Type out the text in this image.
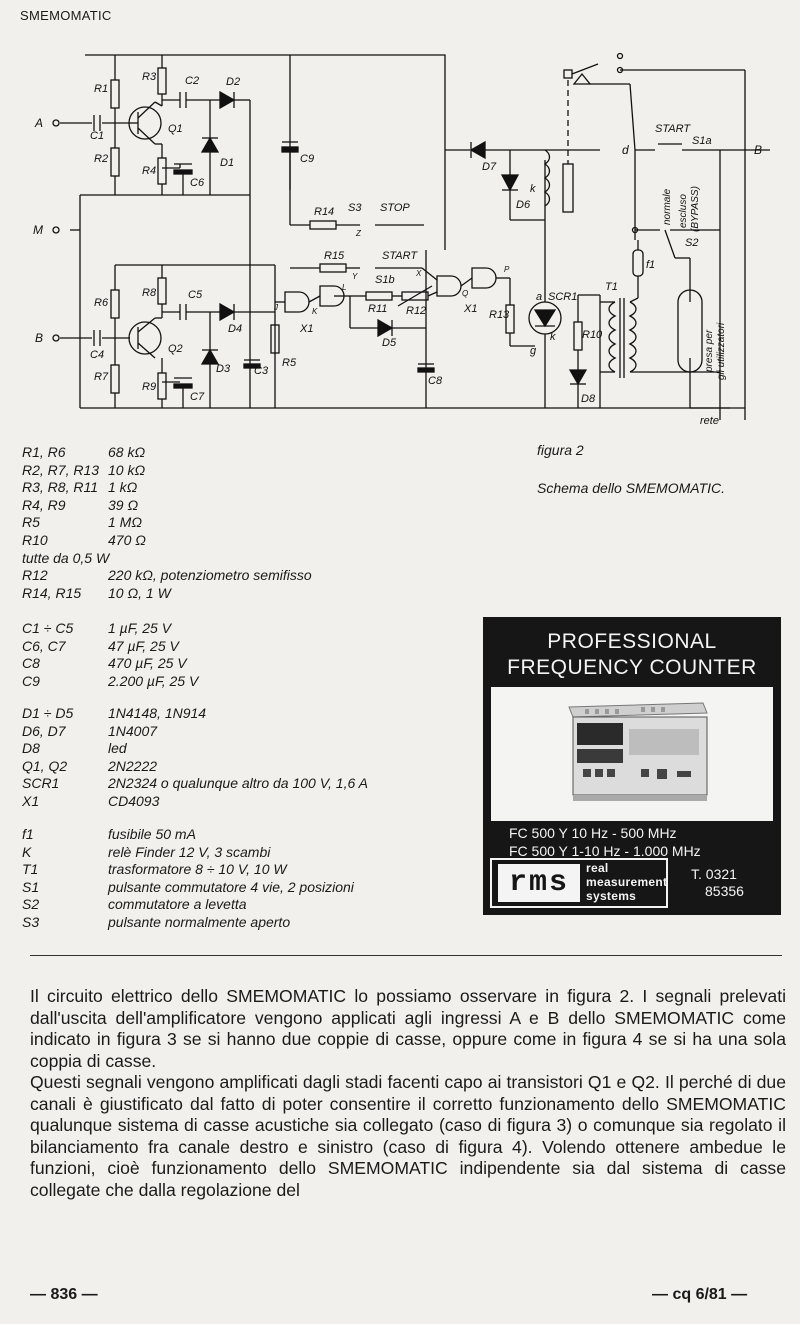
SMEMOMATIC
A
M
B
R1
R2
R3
R4
C1
Q1
C2 D2
D1
C6
C9
R14 S3 STOP
R15	START
S1b
R6
R7
R8
R9
C4	Q2
C5
D4
D3
C7
C3
R5
X1
R11 R12
D5
C8
X1 R13
D7
D6
k
a SCR1
g
k R10
D8
T1
f1
d
START
S1a
B
S2
rete
normale escluso (BYPASS)
presa per gli utilizzatori
J	K
L
Y
Z
X
Q
P
figura 2
Schema dello SMEMOMATIC.
R1, R6	68 kΩ
R2, R7, R13 10 kΩ
R3, R8, R11 1 kΩ
R4, R9	39 Ω
R5	1 MΩ
R10	470 Ω
tutte da 0,5 W
R12	220 kΩ, potenziometro semifisso
R14, R15 10 Ω, 1 W
C1 ÷ C5 1 µF, 25 V
C6, C7	47 µF, 25 V
C8	470 µF, 25 V
C9	2.200 µF, 25 V
D1 ÷ D5 1N4148, 1N914
D6, D7	1N4007
D8	led
Q1, Q2	2N2222
SCR1	2N2324 o qualunque altro da 100 V, 1,6 A
X1	CD4093
f1	fusibile 50 mA
K	relè Finder 12 V, 3 scambi
T1	trasformatore 8 ÷ 10 V, 10 W
S1	pulsante commutatore 4 vie, 2 posizioni
S2	commutatore a levetta
S3	pulsante normalmente aperto
PROFESSIONAL
FREQUENCY COUNTER
FC 500 Y 10 Hz - 500 MHz
FC 500 Y 1-10 Hz - 1.000 MHz
rms	real
measurement
systems
T. 0321
85356

Il circuito elettrico dello SMEMOMATIC lo possiamo osservare in figura 2. I segnali prelevati dall'uscita dell'amplificatore vengono applicati agli ingressi A e B dello SMEMOMATIC come indicato in figura 3 se si hanno due coppie di casse, oppure come in figura 4 se si ha una sola coppia di casse.

Questi segnali vengono amplificati dagli stadi facenti capo ai transistori Q1 e Q2. Il perché di due canali è giustificato dal fatto di poter consentire il corretto funzionamento dello SMEMOMATIC qualunque sistema di casse acustiche sia collegato (caso di figura 3) o comunque sia regolato il bilanciamento fra canale destro e sinistro (caso di figura 4). Volendo ottenere ambedue le funzioni, cioè funzionamento dello SMEMOMATIC indipendente sia dal sistema di casse collegate che dalla regolazione del

— 836 —	— cq 6/81 —
